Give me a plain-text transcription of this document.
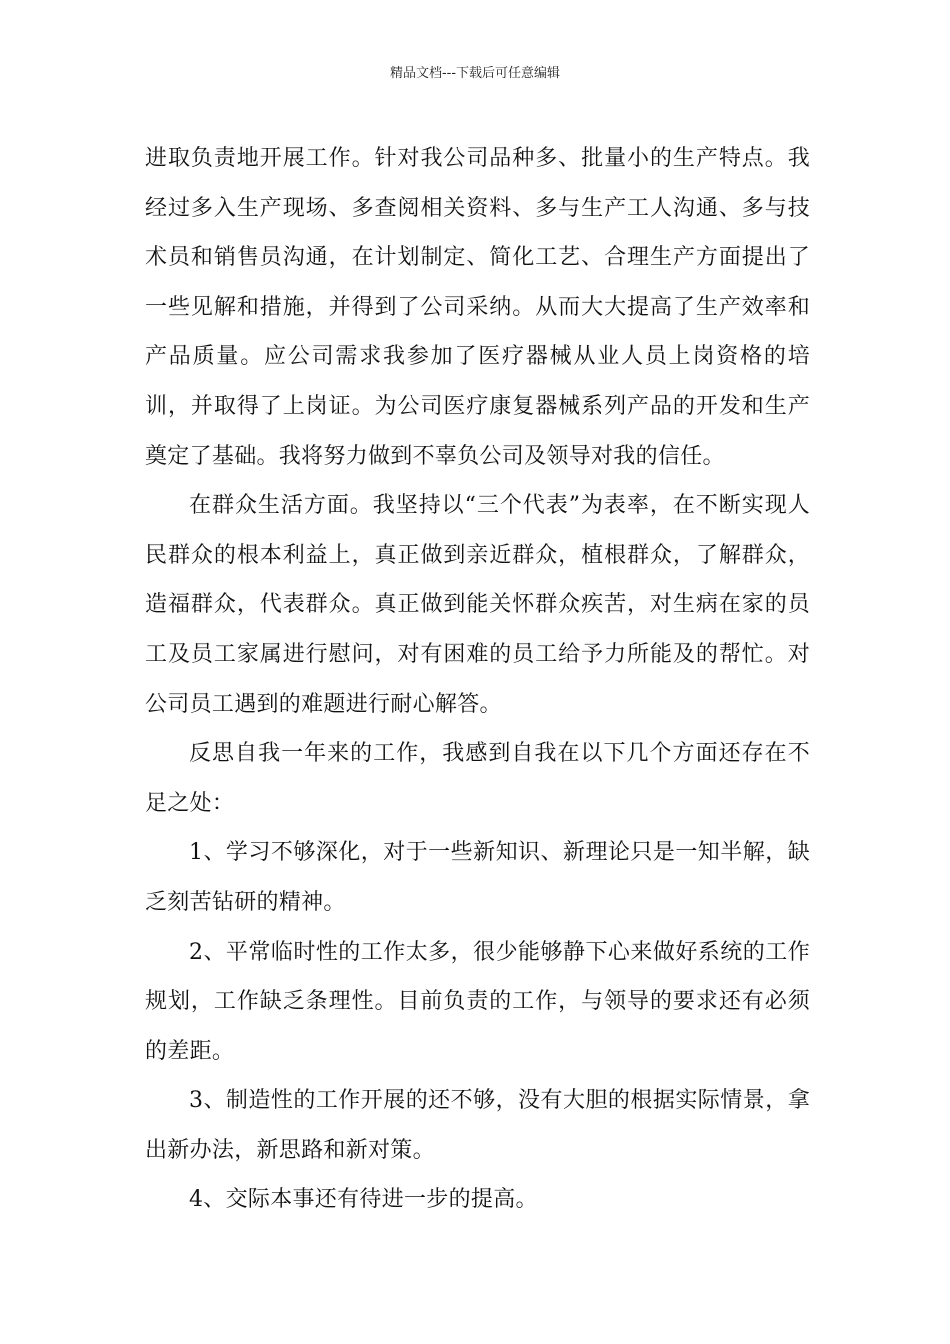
精品文档---下载后可任意编辑

进取负责地开展工作。针对我公司品种多、批量小的生产特点。我经过多入生产现场、多查阅相关资料、多与生产工人沟通、多与技术员和销售员沟通，在计划制定、简化工艺、合理生产方面提出了一些见解和措施，并得到了公司采纳。从而大大提高了生产效率和产品质量。应公司需求我参加了医疗器械从业人员上岗资格的培训，并取得了上岗证。为公司医疗康复器械系列产品的开发和生产奠定了基础。我将努力做到不辜负公司及领导对我的信任。

在群众生活方面。我坚持以“三个代表”为表率，在不断实现人民群众的根本利益上，真正做到亲近群众，植根群众，了解群众，造福群众，代表群众。真正做到能关怀群众疾苦，对生病在家的员工及员工家属进行慰问，对有困难的员工给予力所能及的帮忙。对公司员工遇到的难题进行耐心解答。

反思自我一年来的工作，我感到自我在以下几个方面还存在不足之处：

1、学习不够深化，对于一些新知识、新理论只是一知半解，缺乏刻苦钻研的精神。

2、平常临时性的工作太多，很少能够静下心来做好系统的工作规划，工作缺乏条理性。目前负责的工作，与领导的要求还有必须的差距。

3、制造性的工作开展的还不够，没有大胆的根据实际情景，拿出新办法，新思路和新对策。

4、交际本事还有待进一步的提高。
